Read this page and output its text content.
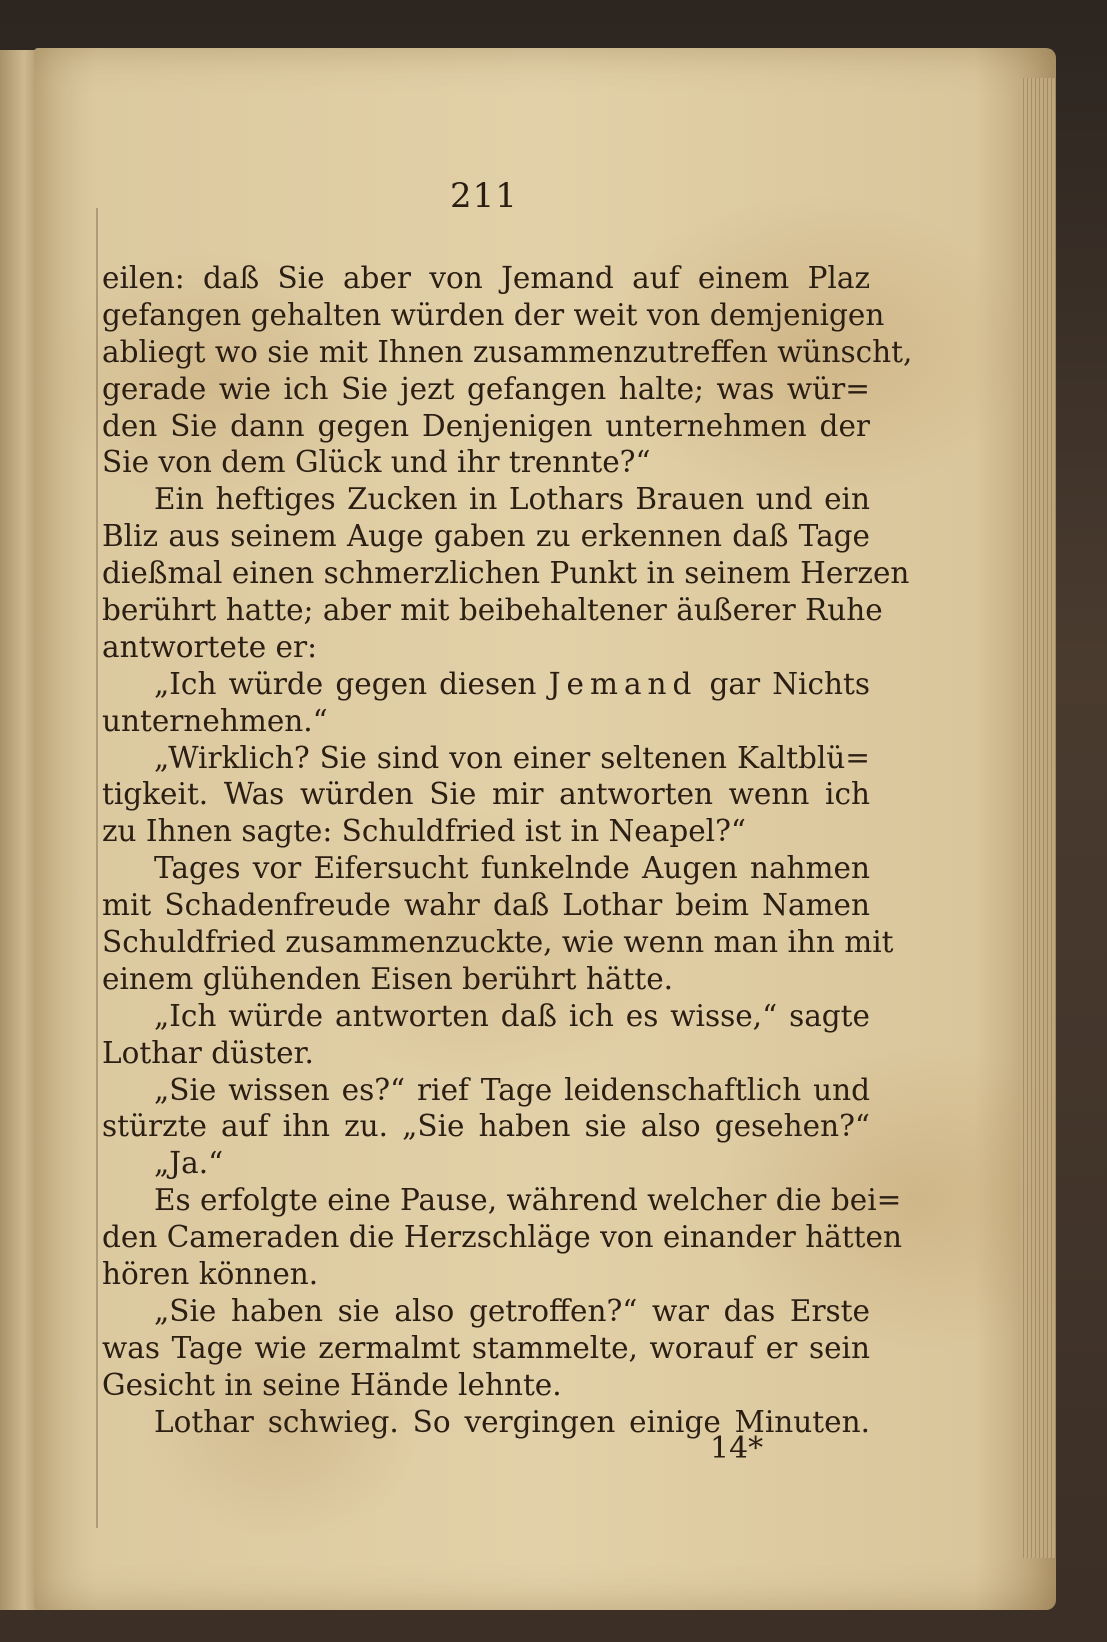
211
eilen: daß Sie aber von Jemand auf einem Plaz
gefangen gehalten würden der weit von demjenigen
abliegt wo sie mit Ihnen zusammenzutreffen wünscht,
gerade wie ich Sie jezt gefangen halte; was wür=
den Sie dann gegen Denjenigen unternehmen der
Sie von dem Glück und ihr trennte?“
Ein heftiges Zucken in Lothars Brauen und ein
Bliz aus seinem Auge gaben zu erkennen daß Tage
dießmal einen schmerzlichen Punkt in seinem Herzen
berührt hatte; aber mit beibehaltener äußerer Ruhe
antwortete er:
„Ich würde gegen diesen Jemand gar Nichts
unternehmen.“
„Wirklich? Sie sind von einer seltenen Kaltblü=
tigkeit. Was würden Sie mir antworten wenn ich
zu Ihnen sagte: Schuldfried ist in Neapel?“
Tages vor Eifersucht funkelnde Augen nahmen
mit Schadenfreude wahr daß Lothar beim Namen
Schuldfried zusammenzuckte, wie wenn man ihn mit
einem glühenden Eisen berührt hätte.
„Ich würde antworten daß ich es wisse,“ sagte
Lothar düster.
„Sie wissen es?“ rief Tage leidenschaftlich und
stürzte auf ihn zu. „Sie haben sie also gesehen?“
„Ja.“
Es erfolgte eine Pause, während welcher die bei=
den Cameraden die Herzschläge von einander hätten
hören können.
„Sie haben sie also getroffen?“ war das Erste
was Tage wie zermalmt stammelte, worauf er sein
Gesicht in seine Hände lehnte.
Lothar schwieg. So vergingen einige Minuten.
14*
